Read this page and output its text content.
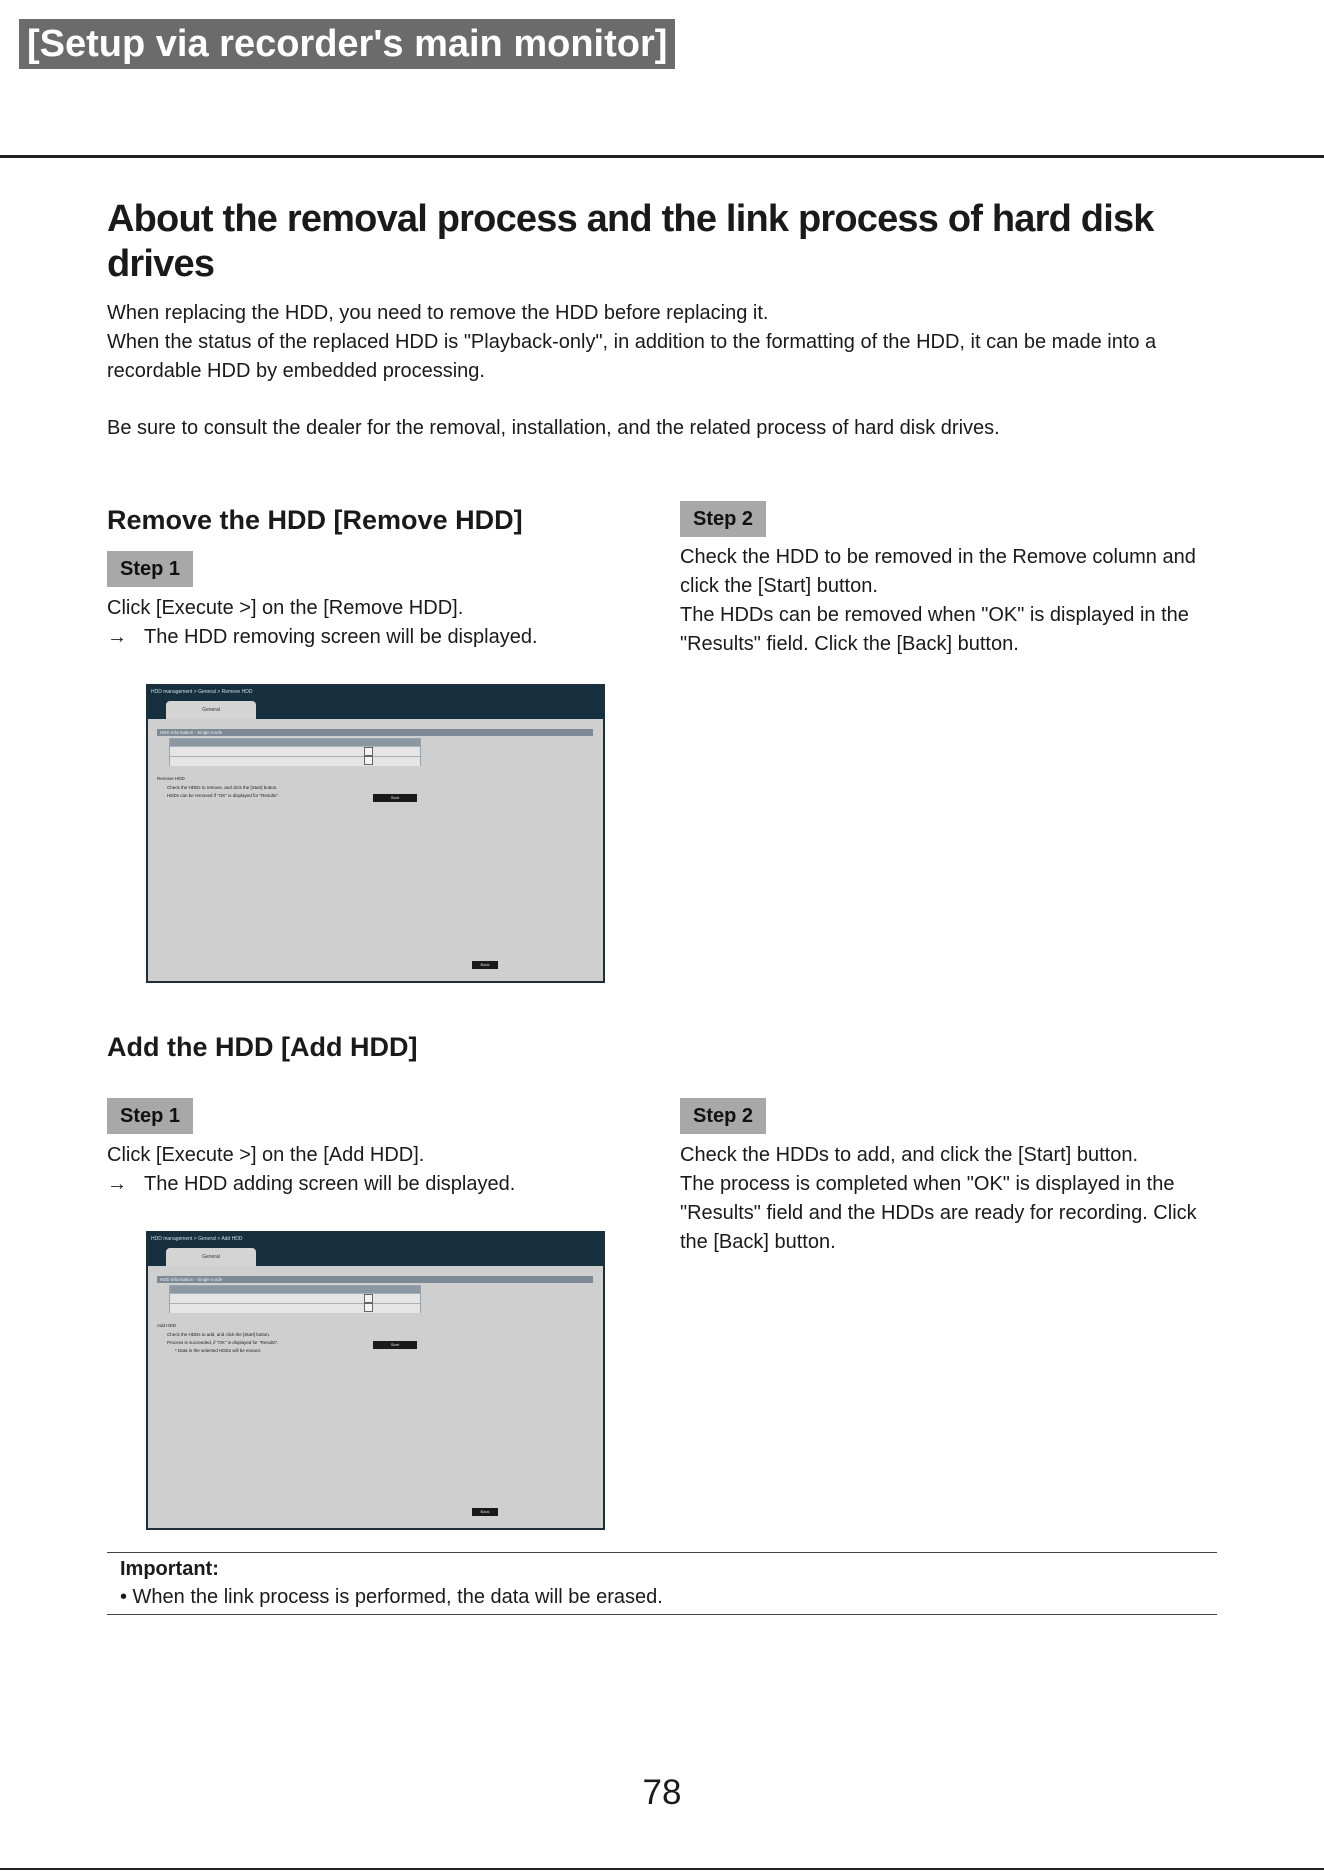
[Setup via recorder's main monitor]
About the removal process and the link process of hard disk drives

When replacing the HDD, you need to remove the HDD before replacing it.

When the status of the replaced HDD is "Playback-only", in addition to the formatting of the HDD, it can be made into a recordable HDD by embedded processing.

Be sure to consult the dealer for the removal, installation, and the related process of hard disk drives.

Remove the HDD [Remove HDD]
Step 1

Click [Execute >] on the [Remove HDD].

→ The HDD removing screen will be displayed.
HDD management > General > Remove HDD
General
HDD information - Single mode
Remove HDD
Check the HDDs to remove, and click the [Start] button.
HDDs can be removed if "OK" is displayed for "Results".	Start
Back
Step 2

Check the HDD to be removed in the Remove column and click the [Start] button.

The HDDs can be removed when "OK" is displayed in the "Results" field. Click the [Back] button.

Add the HDD [Add HDD]
Step 1

Click [Execute >] on the [Add HDD].

→ The HDD adding screen will be displayed.
HDD management > General > Add HDD
General
HDD information - Single mode
Add HDD
Check the HDDs to add, and click the [Start] button.
Process is succeeded, if "OK" is displayed for "Results".
* Data in the selected HDDs will be erased.
Start
Back
Step 2

Check the HDDs to add, and click the [Start] button.

The process is completed when "OK" is displayed in the "Results" field and the HDDs are ready for recording. Click the [Back] button.

Important:
• When the link process is performed, the data will be erased.
78
